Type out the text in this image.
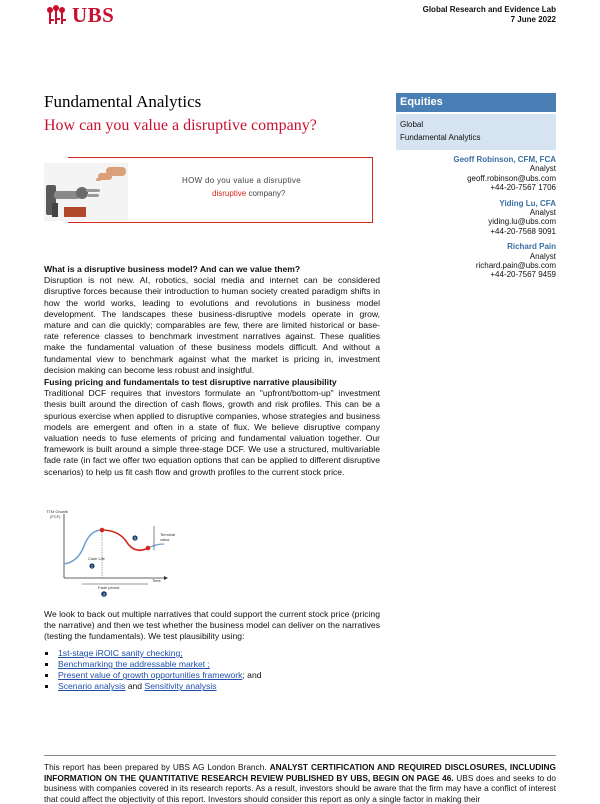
UBS	Global Research and Evidence Lab
7 June 2022
Fundamental Analytics
How can you value a disruptive company?
Equities
Global
Fundamental Analytics
Geoff Robinson, CFM, FCA
Analyst
geoff.robinson@ubs.com
+44-20-7567 1706
Yiding Lu, CFA
Analyst
yiding.lu@ubs.com
+44-20-7568 9091
Richard Pain
Analyst
richard.pain@ubs.com
+44-20-7567 9459
HOW do you value a disruptive
disruptive company?
What is a disruptive business model? And can we value them?
Disruption is not new. AI, robotics, social media and internet can be considered disruptive forces because their introduction to human society created paradigm shifts in how the world works, leading to evolutions and revolutions in business model development. The landscapes these business-disruptive models operate in grow, mature and can die quickly; comparables are few, there are limited historical or base-rate reference classes to benchmark investment narratives against. These qualities make the fundamental valuation of these business models difficult. And without a fundamental view to benchmark against what the market is pricing in, investment decision making can become less robust and insightful.
Fusing pricing and fundamentals to test disruptive narrative plausibility
Traditional DCF requires that investors formulate an "upfront/bottom-up" investment thesis built around the direction of cash flows, growth and risk profiles. This can be a spurious exercise when applied to disruptive companies, whose strategies and business models are emergent and often in a state of flux. We believe disruptive company valuation needs to fuse elements of pricing and fundamental valuation together. Our framework is built around a simple three-stage DCF. We use a structured, multivariable fade rate (in fact we offer two equation options that can be applied to different disruptive scenarios) to help us fit cash flow and growth profiles to the current stock price.
TTM Growth
(FCF)
Terminal
value
2
Cash Life
1
Time
Fade period
3
We look to back out multiple narratives that could support the current stock price (pricing the narrative) and then we test whether the business model can deliver on the narratives (testing the fundamentals). We test plausibility using:
1st-stage iROIC sanity checking;
Benchmarking the addressable market ;
Present value of growth opportunities framework; and
Scenario analysis and Sensitivity analysis
This report has been prepared by UBS AG London Branch. ANALYST CERTIFICATION AND REQUIRED DISCLOSURES, INCLUDING INFORMATION ON THE QUANTITATIVE RESEARCH REVIEW PUBLISHED BY UBS, BEGIN ON PAGE 46. UBS does and seeks to do business with companies covered in its research reports. As a result, investors should be aware that the firm may have a conflict of interest that could affect the objectivity of this report. Investors should consider this report as only a single factor in making their
